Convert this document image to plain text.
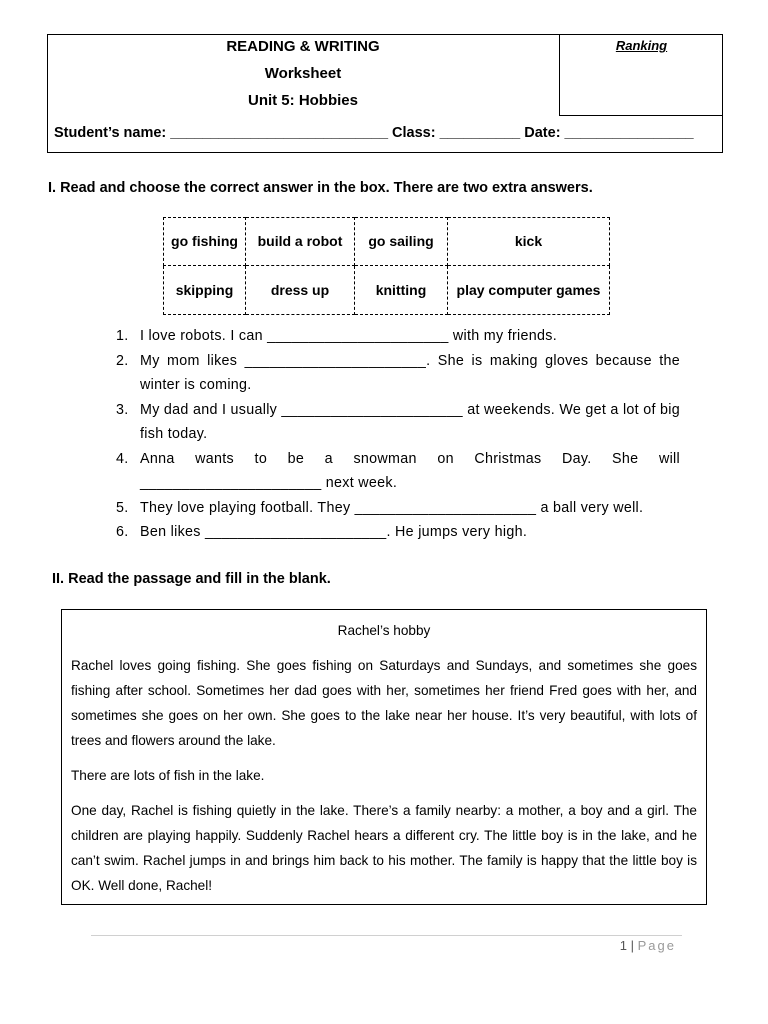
Ranking
READING & WRITING
Worksheet
Unit 5: Hobbies
Student’s name: ___________________________ Class: __________ Date: ________________
I. Read and choose the correct answer in the box. There are two extra answers.
go fishing	build a robot	go sailing	kick
skipping	dress up	knitting	play computer games
1. I love robots. I can ______________________ with my friends.
2. My mom likes ______________________. She is making gloves because the winter is coming.
3. My dad and I usually ______________________ at weekends. We get a lot of big fish today.
4. Anna wants to be a snowman on Christmas Day. She will ______________________ next week.
5. They love playing football. They ______________________ a ball very well.
6. Ben likes ______________________. He jumps very high.
II. Read the passage and fill in the blank.
Rachel’s hobby

Rachel loves going fishing. She goes fishing on Saturdays and Sundays, and sometimes she goes fishing after school. Sometimes her dad goes with her, sometimes her friend Fred goes with her, and sometimes she goes on her own. She goes to the lake near her house. It’s very beautiful, with lots of trees and flowers around the lake.

There are lots of fish in the lake.

One day, Rachel is fishing quietly in the lake. There’s a family nearby: a mother, a boy and a girl. The children are playing happily. Suddenly Rachel hears a different cry. The little boy is in the lake, and he can’t swim. Rachel jumps in and brings him back to his mother. The family is happy that the little boy is OK. Well done, Rachel!

1 | Page
